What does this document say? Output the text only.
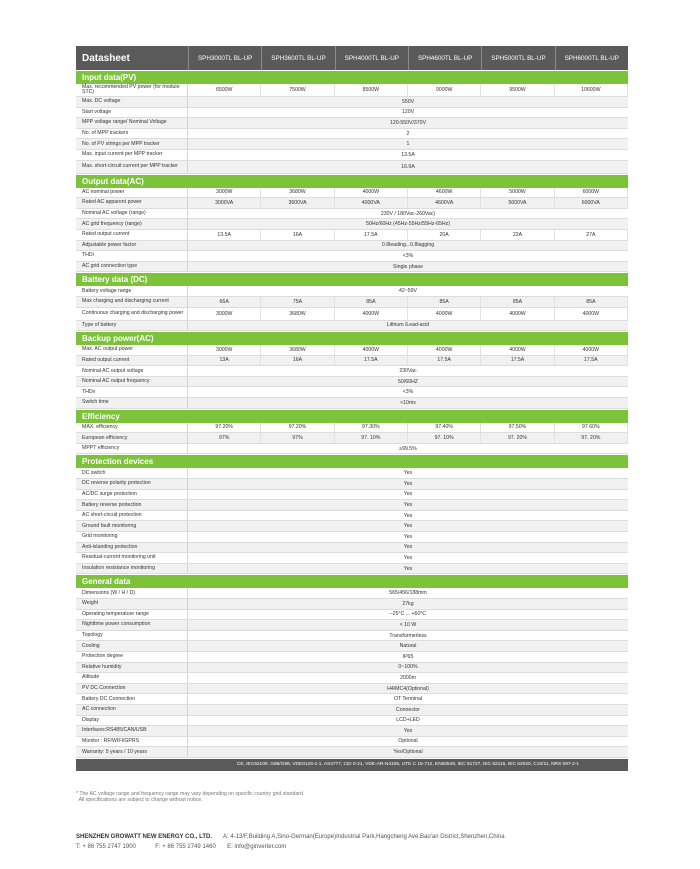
Datasheet	SPH3000TL BL-UP	SPH3600TL BL-UP	SPH4000TL BL-UP	SPH4600TL BL-UP	SPH5000TL BL-UP	SPH6000TL BL-UP
Input data(PV)
Max. recommended PV power (for module STC)	6500W	7500W	8500W	9000W	9500W	10600W
Max. DC voltage	550V
Start voltage	120V
MPP voltage range/ Nominal Voltage	120-550V/370V
No. of MPP trackers	2
No. of PV strings per MPP tracker	1
Max. input current per MPP tracker	13.5A
Max. short-circuit current per MPP tracker	16.9A
Output data(AC)
AC nominal power	3000W	3680W	4000W	4600W	5000W	6000W
Rated AC apparent power	3000VA	3600VA	4000VA	4600VA	5000VA	6000VA
Nominal AC voltage (range)	230V / 180Vac-260Vac)
AC grid frequency (range)	50Hz/60Hz (45Hz-55Hz/55Hz-65Hz)
Rated output current	13.5A	16A	17.5A	20A	22A	27A
Adjustable power factor	0.8leading...0.8lagging
THDi	<3%
AC grid connection type	Single phase
Battery data (DC)
Battery voltage range	42~59V
Max charging and discharging current	66A	75A	85A	85A	85A	85A
Continuous charging and discharging power	3000W	3680W	4000W	4000W	4000W	4000W
Type of battery	Lithium /Lead-acid
Backup power(AC)
Max. AC output power	3000W	3680W	4000W	4000W	4000W	4000W
Rated output current	13A	16A	17.5A	17.5A	17.5A	17.5A
Nominal AC output voltage	230Vac
Nominal AC output frequency	50/60HZ
THDv	<3%
Switch time	<10ms
Efficiency
MAX. efficiency	97.20%	97.20%	97.30%	97.40%	97.50%	97.60%
European efficiency	97%	97%	97. 10%	97. 10%	97. 20%	97. 20%
MPPT efficiency	≥99.5%
Protection devices
DC switch	Yes
DC reverse polarity protection	Yes
AC/DC surge protection	Yes
Battery reverse protection	Yes
AC short-circuit protection	Yes
Ground fault monitoring	Yes
Grid monitoring	Yes
Anti-islanding protection	Yes
Residual-current monitoring unit	Yes
Insulation resistance monitoring	Yes
General data
Dimensions (W / H / D)	565/456/188mm
Weight	27kg
Operating temperature range	–25°C ... +60°C
Nighttime power consumption	< 10 W
Topology	Transformerless
Cooling	Natural
Protection degree	IP65
Relative humidity	0~100%
Altitude	2000m
PV DC Connection	H4/MC4(Optional)
Battery DC Connection	OT Terminal
AC connection	Connector
Display	LCD+LED
Interfaces:RS485/CAN/USB	Yes
Monitor : RF/WIFI/GPRS	Optional
Warranty: 5 years / 10 years	Yes/Optional
CE, IEC62109, G98/G99, VDE0126-1-1, AS4777, CEI 0-21, VDE-AR-N4105, UTE C 15-712, EN50549, IEC 61727, IEC 62116, IEC 62040, C10/11, NRS 097-2-1
* The AC voltage range and frequency range may vary depending on specific country grid standard.
All specifications are subject to change without notice.
SHENZHEN GROWATT NEW ENERGY CO., LTD. A: 4-13/F,Building A,Sino-German(Europe)Industrial Park,Hangcheng Ave,Bao'an District,Shenzhen,China
T: + 86 755 2747 1900	F: + 86 755 2749 1460 E: info@ginverter.com
